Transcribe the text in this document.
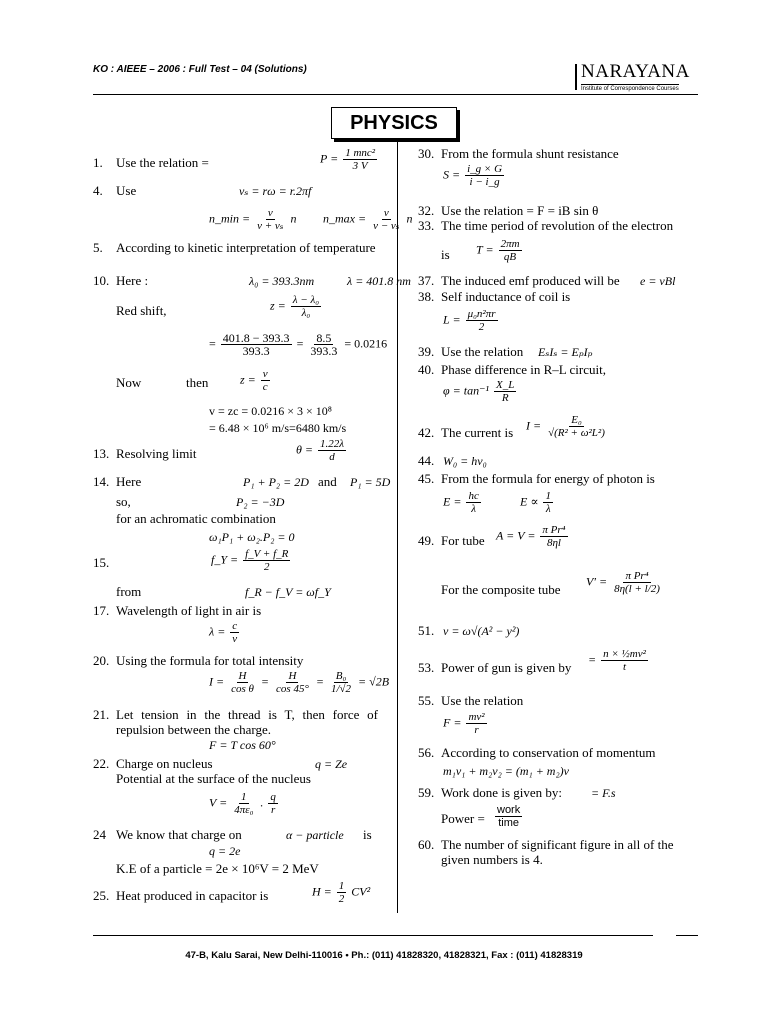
KO : AIEEE – 2006 : Full Test – 04 (Solutions)	NARAYANA
Institute of Correspondence Courses
PHYSICS
1. Use the relation =	$P = \frac{\text{1 mnc²}}{3 V}$
4. Use	vₛ = rω = r.2πf
n_min = $\frac{v}{\text{v + vₛ}}$ n n_max = $\frac{v}{\text{v − vₛ}}$ n
5. According to kinetic interpretation of temperature
10. Here :	λ₀ = 393.3nm	λ = 401.8 nm
Red shift,	$z = \frac{\text{λ − λ₀}}{\text{λ₀}}$
= $\frac{401.8 - 393.3}{393.3} = \frac{8.5}{393.3} = 0.0216$
Now	$z = \frac{v}{c}$
then
v = zc = 0.0216 × 3 × 10⁸
= 6.48 × 10⁶ m/s=6480 km/s
13. Resolving limit	$\theta = \frac{1.22\lambda}{d}$
14. Here	P₁ + P₂ = 2D and P₁ = 5D
so,	P₂ = −3D
for an achromatic combination
ω₁P₁ + ω₂.P₂ = 0
15.	f_Y = $\frac{f\_V + f\_R}{2}$
from	f_R − f_V = ωf_Y
17. Wavelength of light in air is
$\lambda = \frac{c}{v}$
20. Using the formula for total intensity
$I = \frac{H}{\text{cos θ}} = \frac{H}{\cos 45^\circ} = \frac{\text{B₀}}{1/√2} = √2B$
21. Let tension in the thread is T, then force of repulsion between the charge.
F = T cos 60°
22. Charge on nucleus	q = Ze
Potential at the surface of the nucleus
$V = \frac{1}{\text{4πε₀}}$ . $\frac{q}{r}$
24 We know that charge on	α − particle is
q = 2e
K.E of a particle = 2e × 10⁶V = 2 MeV
25. Heat produced in capacitor is	$H = \frac{1}{2} CV^2$
30. From the formula shunt resistance
$S = \frac{i\_g \times G}{i - i\_g}$
32. Use the relation = F = iB sin θ
33. The time period of revolution of the electron
is $T = \frac{2\pi m}{qB}$
37. The induced emf produced will be e = vBl
38. Self inductance of coil is
$L = \frac{\text{μ₀n²πr}}{2}$
39. Use the relation EₛIₛ = EₚIₚ
40. Phase difference in R–L circuit,
$\varphi = \tan^{-1} \frac{X\_L}{R}$
42. The current is $I = \frac{\text{E₀}}{\text{√(R² + ω²L²)}}$
44. W₀ = hν₀
45. From the formula for energy of photon is
$E = \frac{hc}{\lambda}$	$E \propto \frac{1}{\lambda}$
49. For tube $A = V = \frac{\text{π Pr⁴}}{8\eta l}$
For the composite tube
$V' = \frac{\text{π Pr⁴}}{8\eta(l + l/2)}$
51. v = ω√(A² − y²)
53. Power of gun is given by
= $\frac{\text{n × ½mv²}}{t}$
55. Use the relation
$F = \frac{\text{mv²}}{r}$
56. According to conservation of momentum
m₁v₁ + m₂v₂ = (m₁ + m₂)v
59. Work done is given by: = F.s
Power = $\frac{\text{work}}{\text{time}}$
60. The number of significant figure in all of the given numbers is 4.
47-B, Kalu Sarai, New Delhi-110016 • Ph.: (011) 41828320, 41828321, Fax : (011) 41828319
